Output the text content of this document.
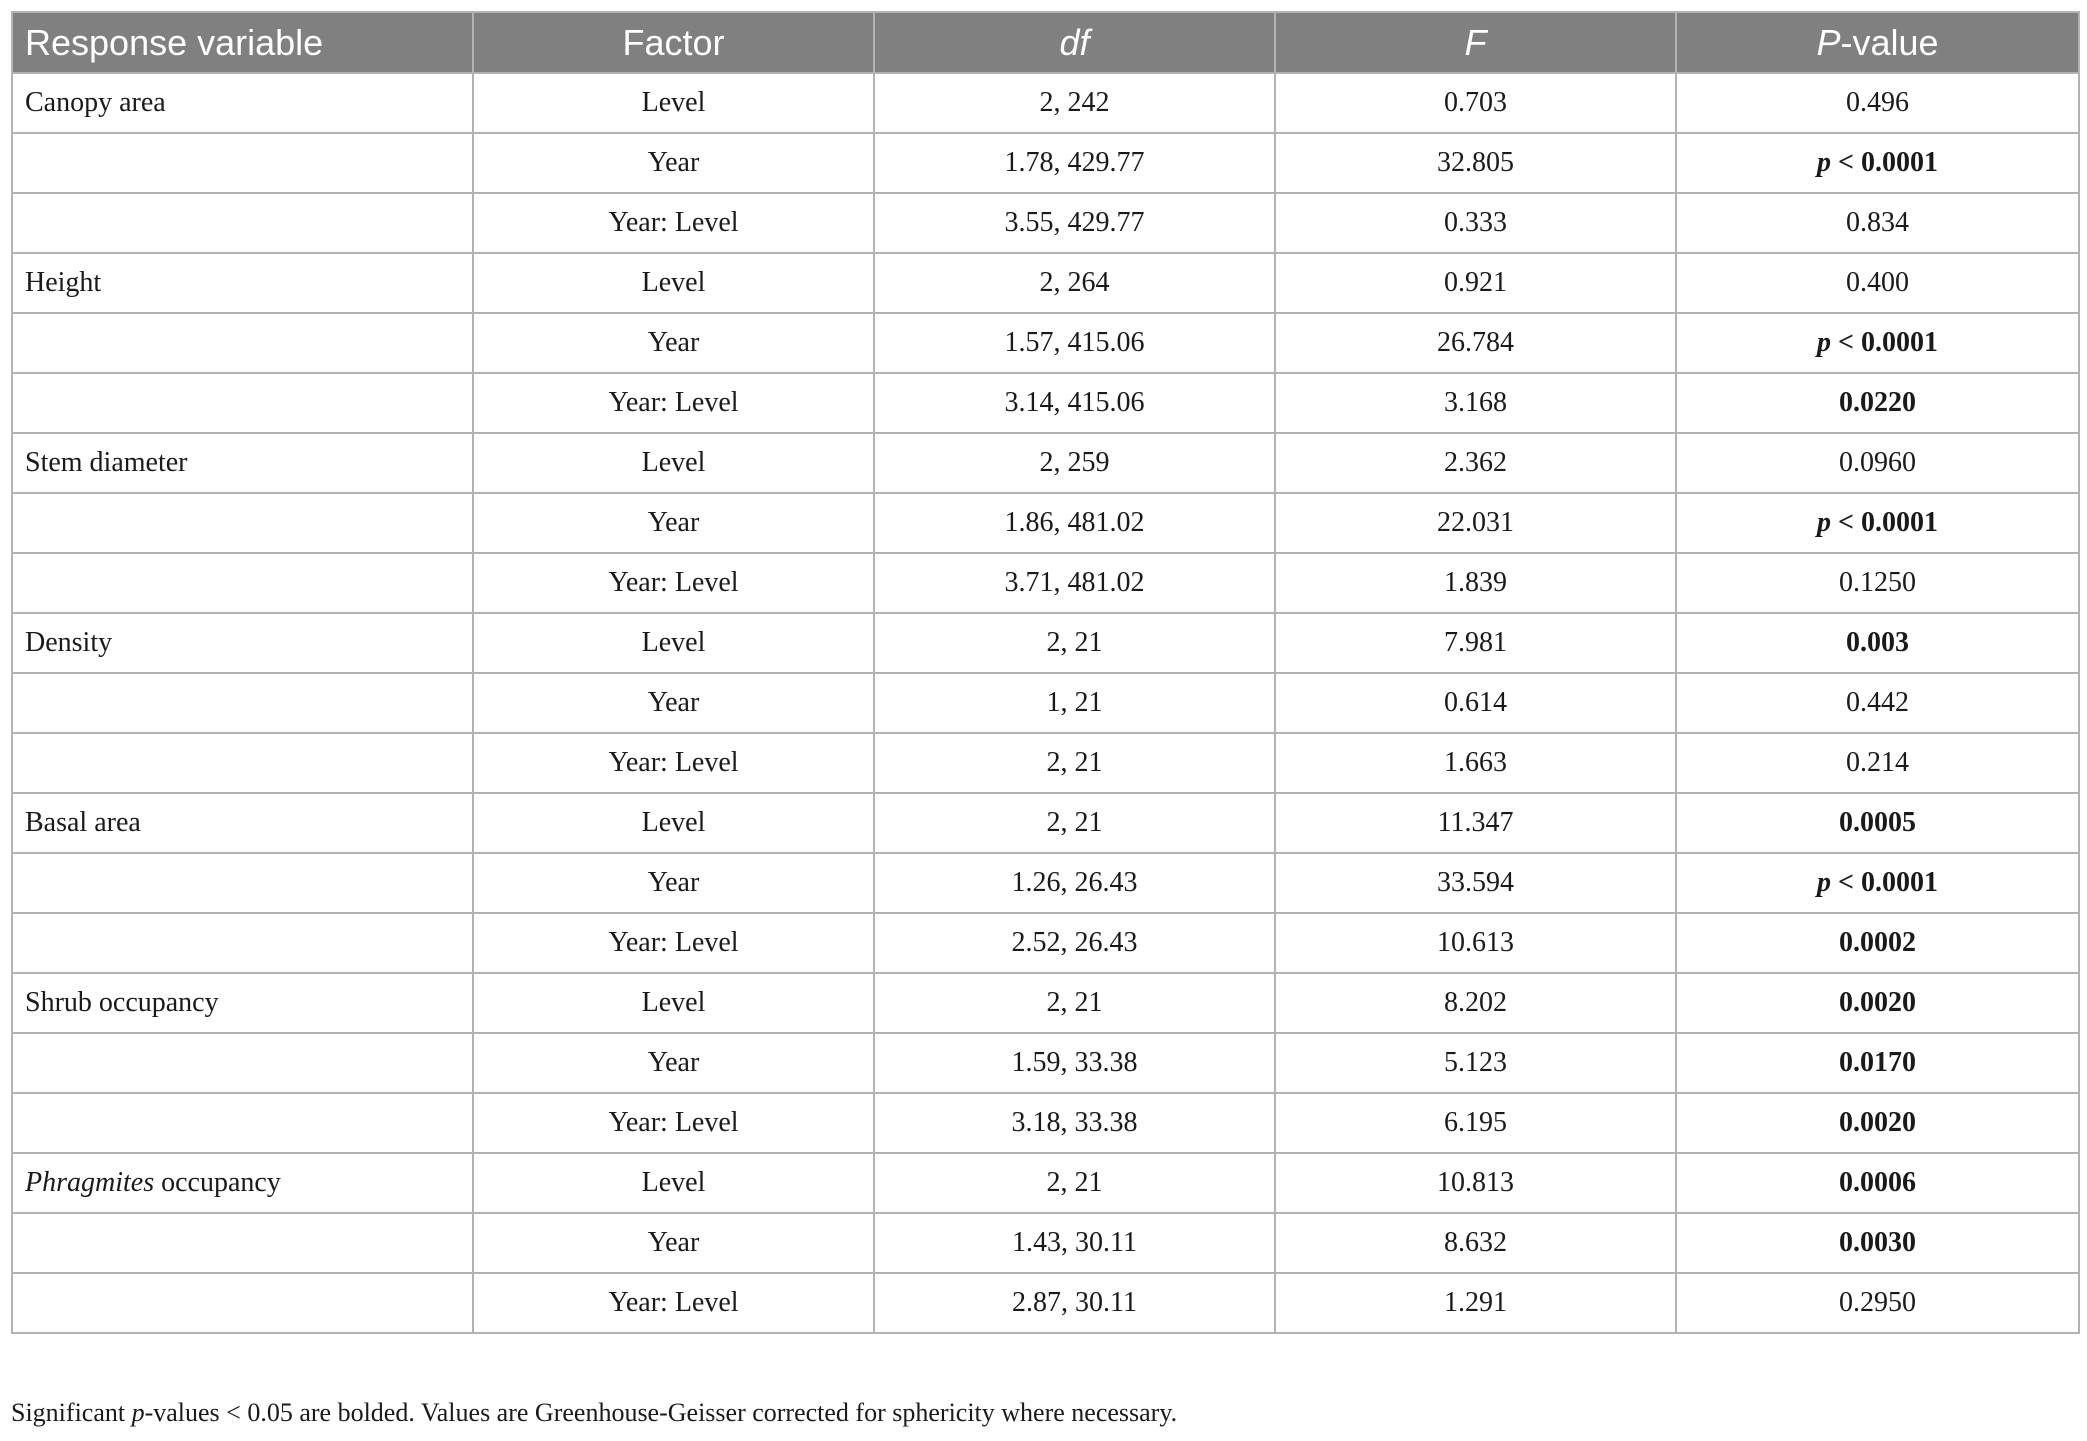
Response variable	Factor	df	F	P-value
Canopy area	Level	2, 242	0.703	0.496
	Year	1.78, 429.77	32.805	p < 0.0001
	Year: Level	3.55, 429.77	0.333	0.834
Height	Level	2, 264	0.921	0.400
	Year	1.57, 415.06	26.784	p < 0.0001
	Year: Level	3.14, 415.06	3.168	0.0220
Stem diameter	Level	2, 259	2.362	0.0960
	Year	1.86, 481.02	22.031	p < 0.0001
	Year: Level	3.71, 481.02	1.839	0.1250
Density	Level	2, 21	7.981	0.003
	Year	1, 21	0.614	0.442
	Year: Level	2, 21	1.663	0.214
Basal area	Level	2, 21	11.347	0.0005
	Year	1.26, 26.43	33.594	p < 0.0001
	Year: Level	2.52, 26.43	10.613	0.0002
Shrub occupancy	Level	2, 21	8.202	0.0020
	Year	1.59, 33.38	5.123	0.0170
	Year: Level	3.18, 33.38	6.195	0.0020
Phragmites occupancy	Level	2, 21	10.813	0.0006
	Year	1.43, 30.11	8.632	0.0030
	Year: Level	2.87, 30.11	1.291	0.2950
Significant p-values < 0.05 are bolded. Values are Greenhouse-Geisser corrected for sphericity where necessary.
